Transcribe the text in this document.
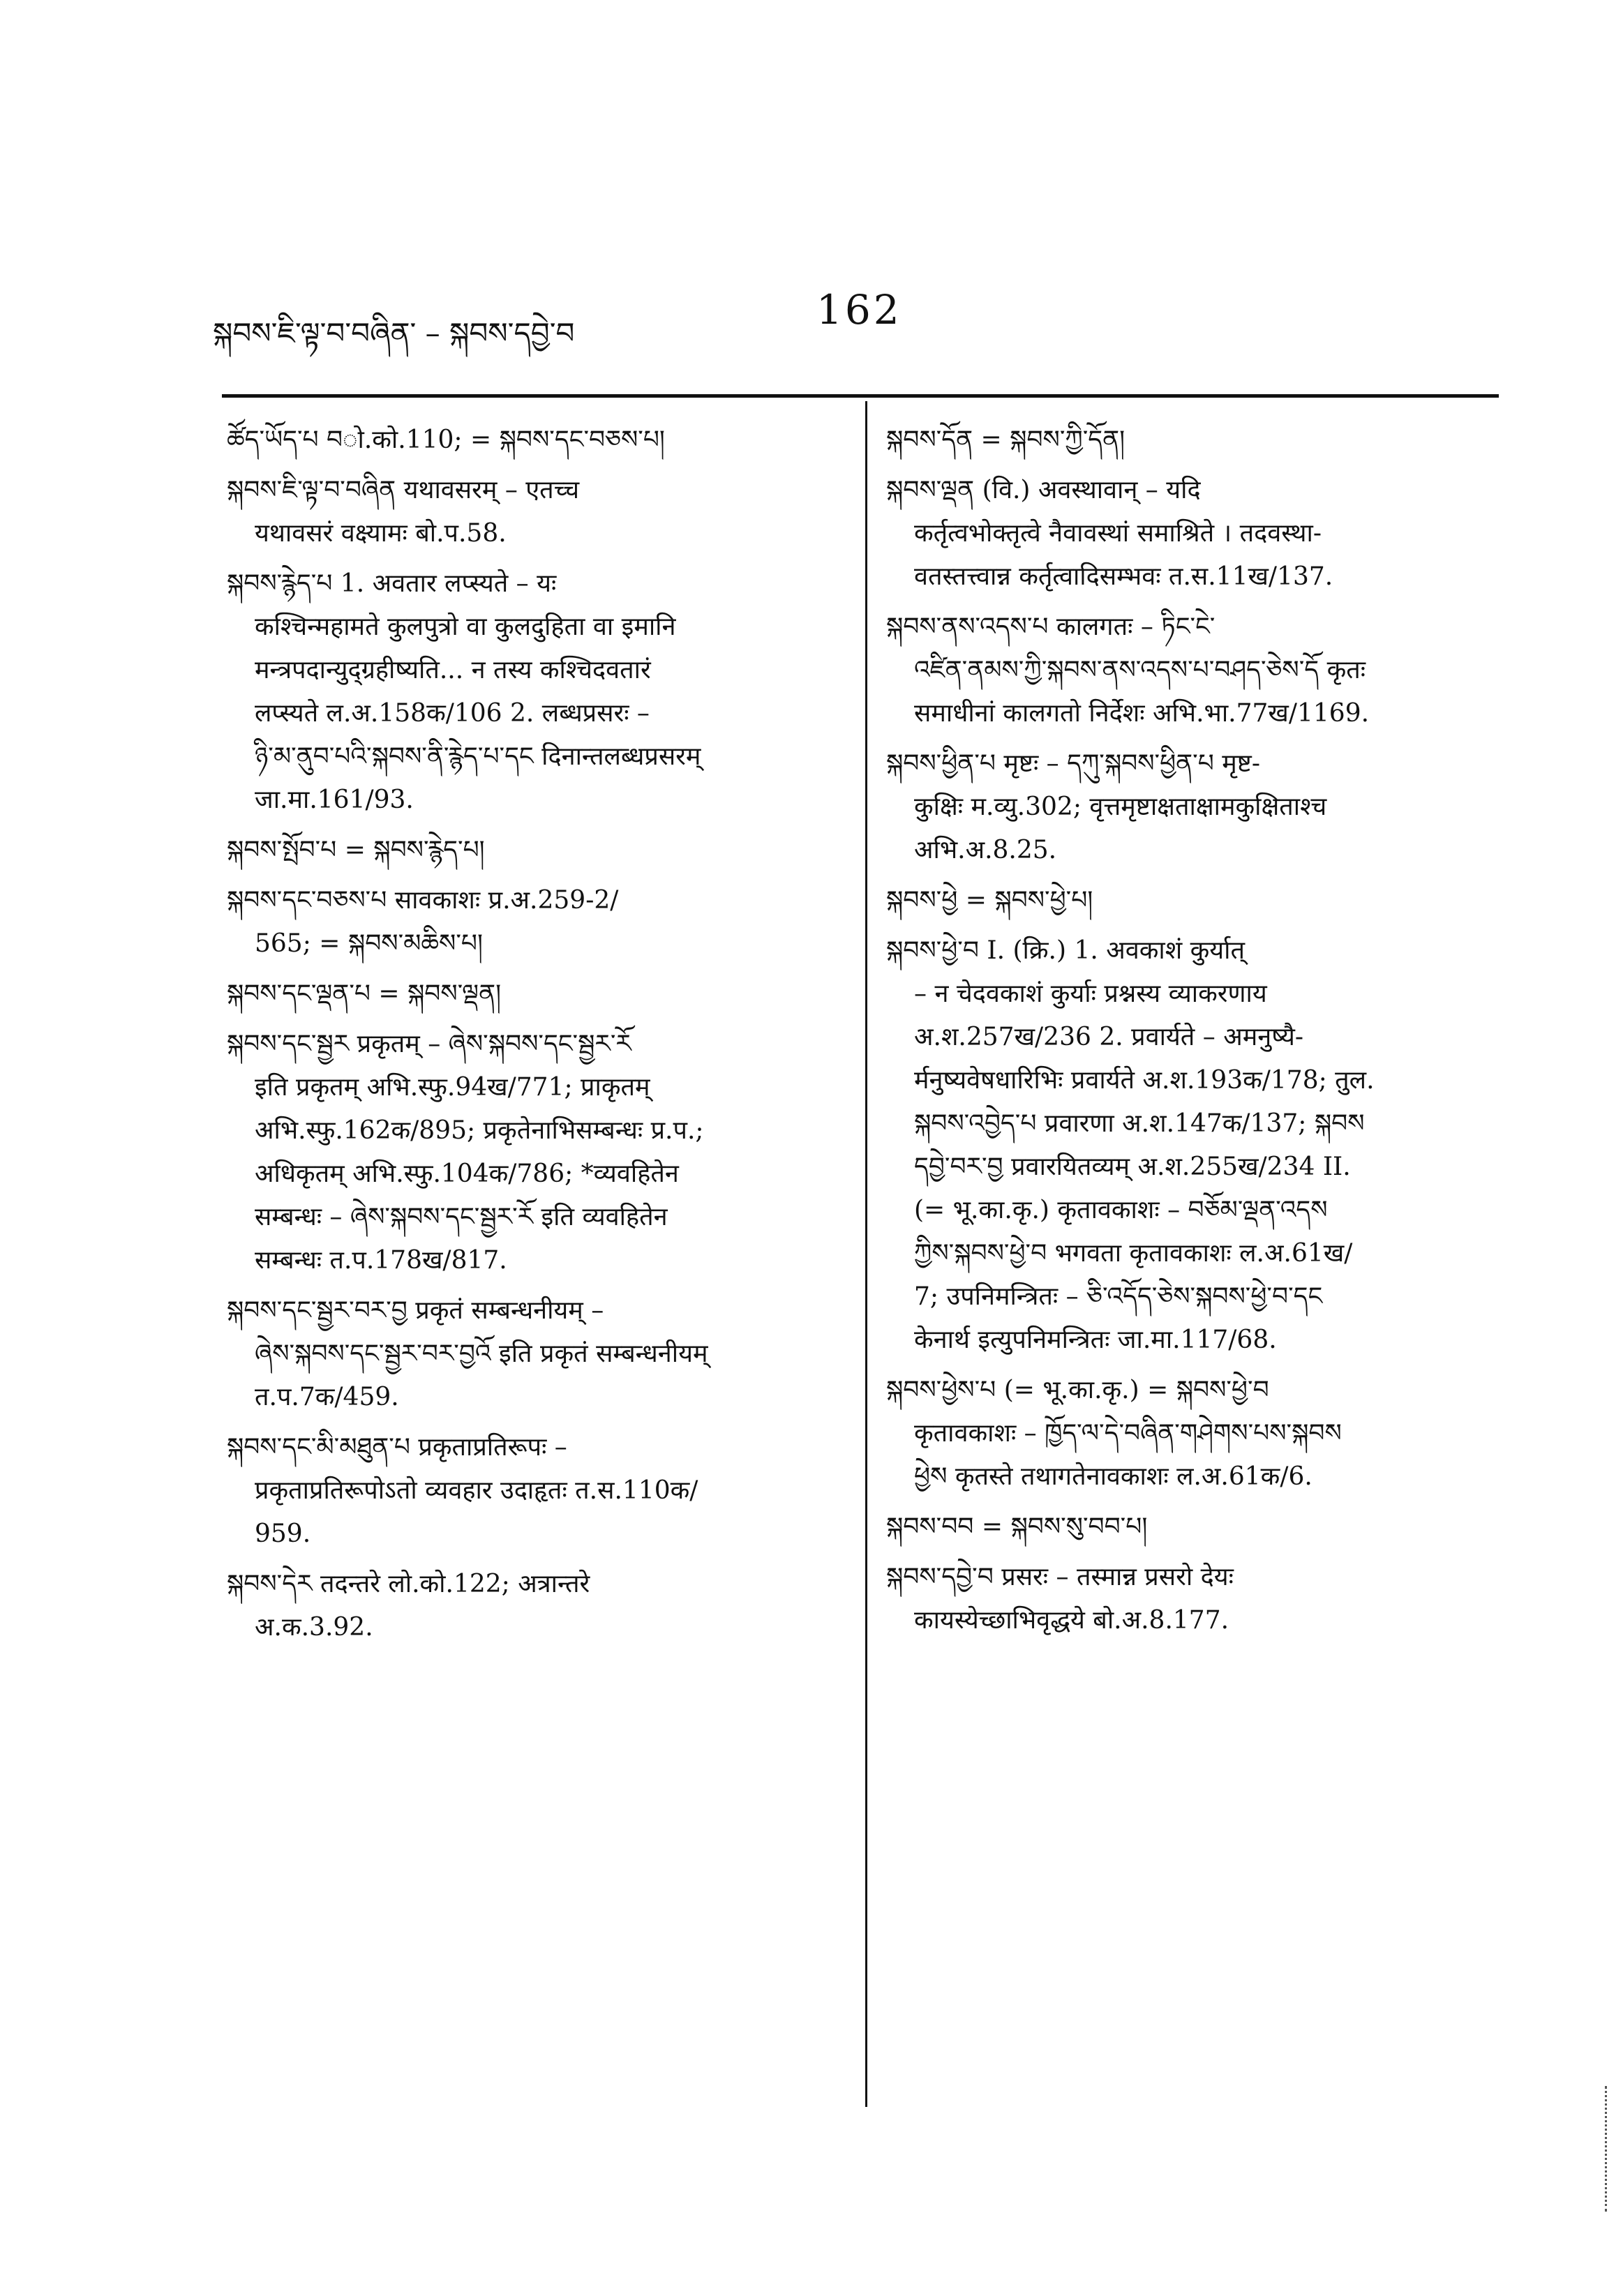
སྐབས་ཇི་ལྟ་བ་བཞིན་ – སྐབས་དབྱེ་བ	162
ཚོད་ཡོད་པ བो.को.110; = སྐབས་དང་བཅས་པ།
སྐབས་ཇི་ལྟ་བ་བཞིན यथावसरम् – एतच्च
यथावसरं वक्ष्यामः बो.प.58.
སྐབས་རྙེད་པ 1. अवतार लप्स्यते – यः
कश्चिन्महामते कुलपुत्रो वा कुलदुहिता वा इमानि
मन्त्रपदान्युद्ग्रहीष्यति... न तस्य कश्चिदवतारं
लप्स्यते ल.अ.158क/106 2. लब्धप्रसरः –
ཉི་མ་ནུབ་པའི་སྐབས་ནི་རྙེད་པ་དང दिनान्तलब्धप्रसरम्
जा.मा.161/93.
སྐབས་སྤོབ་པ = སྐབས་རྙེད་པ།
སྐབས་དང་བཅས་པ सावकाशः प्र.अ.259-2/
565; = སྐབས་མཆིས་པ།
སྐབས་དང་ལྡན་པ = སྐབས་ལྡན།
སྐབས་དང་སྦྱར प्रकृतम् – ཞེས་སྐབས་དང་སྦྱར་རོ
इति प्रकृतम् अभि.स्फु.94ख/771; प्राकृतम्
अभि.स्फु.162क/895; प्रकृतेनाभिसम्बन्धः प्र.प.;
अधिकृतम् अभि.स्फु.104क/786; *व्यवहितेन
सम्बन्धः – ཞེས་སྐབས་དང་སྦྱར་རོ इति व्यवहितेन
सम्बन्धः त.प.178ख/817.
སྐབས་དང་སྦྱར་བར་བྱ प्रकृतं सम्बन्धनीयम् –
ཞེས་སྐབས་དང་སྦྱར་བར་བྱའོ इति प्रकृतं सम्बन्धनीयम्
त.प.7क/459.
སྐབས་དང་མི་མཐུན་པ प्रकृताप्रतिरूपः –
प्रकृताप्रतिरूपोऽतो व्यवहार उदाहृतः त.स.110क/
959.
སྐབས་དེར तदन्तरे लो.को.122; अत्रान्तरे
अ.क.3.92.
སྐབས་དོན = སྐབས་ཀྱི་དོན།
སྐབས་ལྡན (वि.) अवस्थावान् – यदि
कर्तृत्वभोक्तृत्वे नैवावस्थां समाश्रिते । तदवस्था-
वतस्तत्त्वान्न कर्तृत्वादिसम्भवः त.स.11ख/137.
སྐབས་ནས་འདས་པ कालगतः – ཏིང་ངེ་
འཛིན་ནམས་ཀྱི་སྐབས་ནས་འདས་པ་བཤད་ཅེས་དོ कृतः
समाधीनां कालगतो निर्देशः अभि.भा.77ख/1169.
སྐབས་ཕྱིན་པ मृष्टः – དཀུ་སྐབས་ཕྱིན་པ मृष्ट-
कुक्षिः म.व्यु.302; वृत्तमृष्टाक्षताक्षामकुक्षिताश्च
अभि.अ.8.25.
སྐབས་ཕྱེ = སྐབས་ཕྱེ་པ།
སྐབས་ཕྱེ་བ I. (क्रि.) 1. अवकाशं कुर्यात्
– न चेदवकाशं कुर्याः प्रश्नस्य व्याकरणाय
अ.श.257ख/236 2. प्रवार्यते – अमनुष्यै-
र्मनुष्यवेषधारिभिः प्रवार्यते अ.श.193क/178; तुल.
སྐབས་འབྱེད་པ प्रवारणा अ.श.147क/137; སྐབས
དབྱེ་བར་བྱ प्रवारयितव्यम् अ.श.255ख/234 II.
(= भू.का.कृ.) कृतावकाशः – བཅོམ་ལྡན་འདས
ཀྱིས་སྐབས་ཕྱེ་བ भगवता कृतावकाशः ल.अ.61ख/
7; उपनिमन्त्रितः – ཅི་འདོད་ཅེས་སྐབས་ཕྱེ་བ་དང
केनार्थ इत्युपनिमन्त्रितः जा.मा.117/68.
སྐབས་ཕྱེས་པ (= भू.का.कृ.) = སྐབས་ཕྱེ་བ
कृतावकाशः – ཁྱོད་ལ་དེ་བཞིན་གཤེགས་པས་སྐབས
ཕྱེས कृतस्ते तथागतेनावकाशः ल.अ.61क/6.
སྐབས་བབ = སྐབས་སུ་བབ་པ།
སྐབས་དབྱེ་བ प्रसरः – तस्मान्न प्रसरो देयः
कायस्येच्छाभिवृद्धये बो.अ.8.177.
